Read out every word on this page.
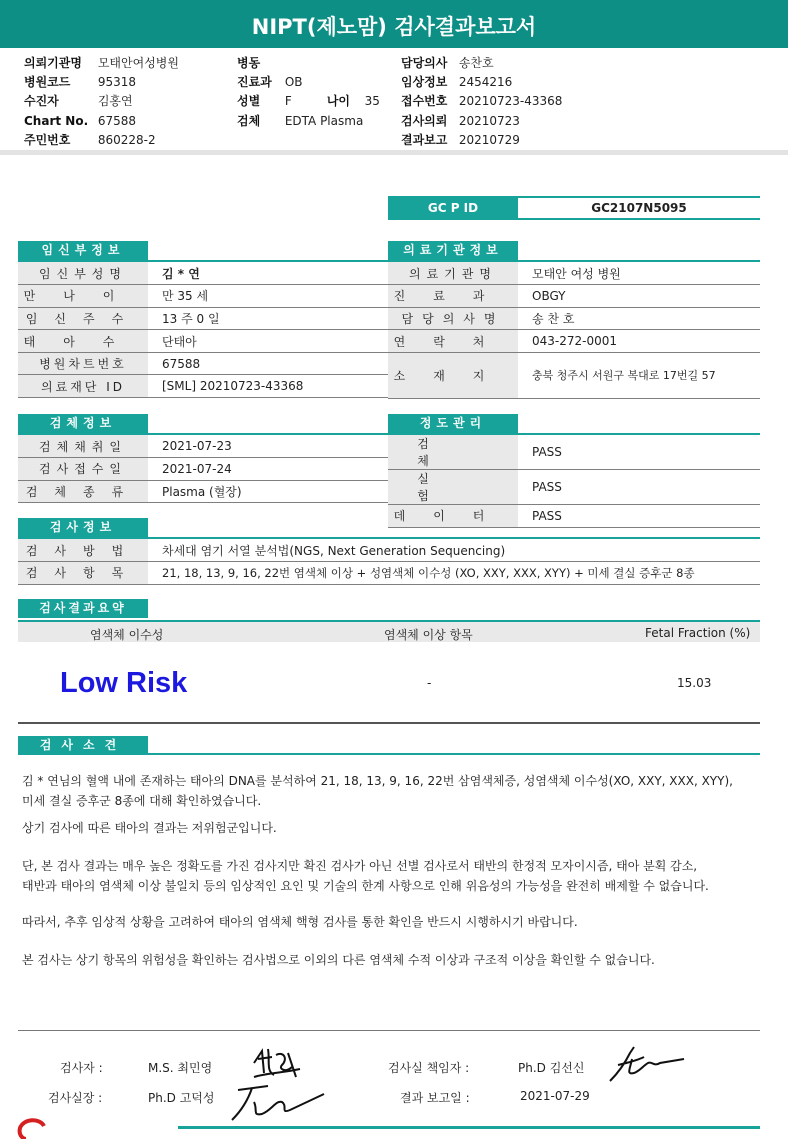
NIPT(제노맘) 검사결과보고서
의뢰기관명 모태안여성병원
병원코드 95318
수진자	김홍연
Chart No. 67588
주민번호 860228-2
병동
진료과 OB
성별 F	나이 35
검체 EDTA Plasma
담당의사 송찬호
임상정보 2454216
접수번호 20210723-43368
검사의뢰 20210723
결과보고 20210729
GC P ID	GC2107N5095
임신부정보
임신부성명	김 * 연
만나이	만 35 세
임신주수	13 주 0 일
태아수	단태아
병원차트번호	67588
의료재단 ID	[SML] 20210723-43368
의료기관정보
의료기관명	모태안 여성 병원
진료과	OBGY
담당의사명	송 찬 호
연락처	043-272-0001
소재지	충북 청주시 서원구 복대로 17번길 57
검체정보
검체채취일	2021-07-23
검사접수일	2021-07-24
검체종류	Plasma (혈장)
정도관리
검체	PASS
실험	PASS
데이터	PASS
검사정보
검사방법	차세대 염기 서열 분석법(NGS, Next Generation Sequencing)
검사항목	21, 18, 13, 9, 16, 22번 염색체 이상 + 성염색체 이수성 (XO, XXY, XXX, XYY) + 미세 결실 증후군 8종
검사결과요약
염색체 이수성	염색체 이상 항목	Fetal Fraction (%)
Low Risk	-	15.03
검사소견
김 * 연님의 혈액 내에 존재하는 태아의 DNA를 분석하여 21, 18, 13, 9, 16, 22번 삼염색체증, 성염색체 이수성(XO, XXY, XXX, XYY),
미세 결실 증후군 8종에 대해 확인하였습니다.
상기 검사에 따른 태아의 결과는 저위험군입니다.
단, 본 검사 결과는 매우 높은 정확도를 가진 검사지만 확진 검사가 아닌 선별 검사로서 태반의 한정적 모자이시즘, 태아 분획 감소,
태반과 태아의 염색체 이상 불일치 등의 임상적인 요인 및 기술의 한계 사항으로 인해 위음성의 가능성을 완전히 배제할 수 없습니다.
따라서, 추후 임상적 상황을 고려하여 태아의 염색체 핵형 검사를 통한 확인을 반드시 시행하시기 바랍니다.
본 검사는 상기 항목의 위험성을 확인하는 검사법으로 이외의 다른 염색체 수적 이상과 구조적 이상을 확인할 수 없습니다.
검사자 :	M.S. 최민영	검사실 책임자 :	Ph.D 김선신
검사실장 :	Ph.D 고덕성	결과 보고일 :	2021-07-29
